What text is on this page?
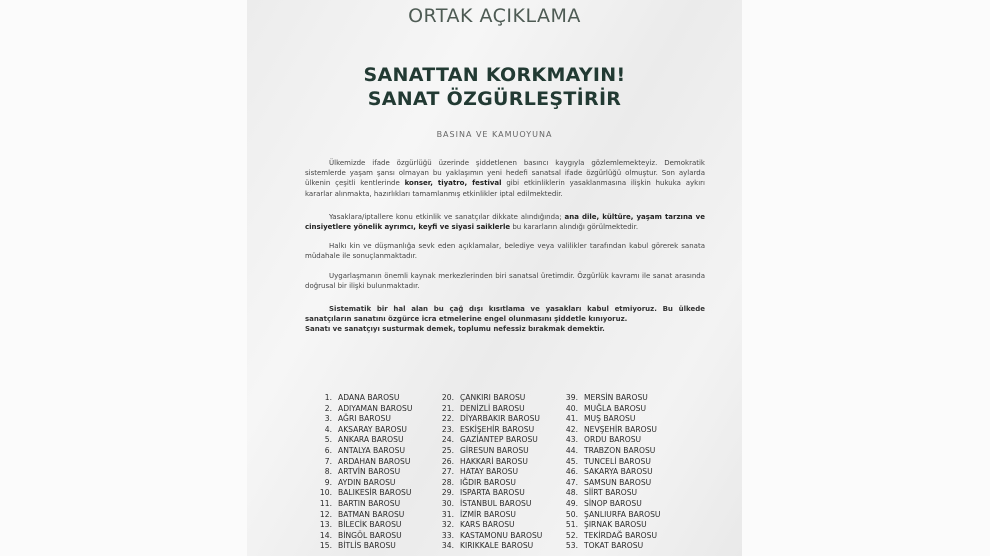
ORTAK AÇIKLAMA
SANATTAN KORKMAYIN!
SANAT ÖZGÜRLEŞTİRİR
BASINA VE KAMUOYUNA

Ülkemizde ifade özgürlüğü üzerinde şiddetlenen basıncı kaygıyla gözlemlemekteyiz. Demokratik sistemlerde yaşam şansı olmayan bu yaklaşımın yeni hedefi sanatsal ifade özgürlüğü olmuştur. Son aylarda ülkenin çeşitli kentlerinde konser, tiyatro, festival gibi etkinliklerin yasaklanmasına ilişkin hukuka aykırı kararlar alınmakta, hazırlıkları tamamlanmış etkinlikler iptal edilmektedir.

Yasaklara/iptallere konu etkinlik ve sanatçılar dikkate alındığında; ana dile, kültüre, yaşam tarzına ve cinsiyetlere yönelik ayrımcı, keyfi ve siyasi saiklerle bu kararların alındığı görülmektedir.

Halkı kin ve düşmanlığa sevk eden açıklamalar, belediye veya valilikler tarafından kabul görerek sanata müdahale ile sonuçlanmaktadır.

Uygarlaşmanın önemli kaynak merkezlerinden biri sanatsal üretimdir. Özgürlük kavramı ile sanat arasında doğrusal bir ilişki bulunmaktadır.

Sistematik bir hal alan bu çağ dışı kısıtlama ve yasakları kabul etmiyoruz. Bu ülkede sanatçıların sanatını özgürce icra etmelerine engel olunmasını şiddetle kınıyoruz.

Sanatı ve sanatçıyı susturmak demek, toplumu nefessiz bırakmak demektir.

1. ADANA BAROSU
2. ADIYAMAN BAROSU
3. AĞRI BAROSU
4. AKSARAY BAROSU
5. ANKARA BAROSU
6. ANTALYA BAROSU
7. ARDAHAN BAROSU
8. ARTVİN BAROSU
9. AYDIN BAROSU
10. BALIKESİR BAROSU
11. BARTIN BAROSU
12. BATMAN BAROSU
13. BİLECİK BAROSU
14. BİNGÖL BAROSU
15. BİTLİS BAROSU
20. ÇANKIRI BAROSU
21. DENİZLİ BAROSU
22. DİYARBAKIR BAROSU
23. ESKİŞEHİR BAROSU
24. GAZİANTEP BAROSU
25. GİRESUN BAROSU
26. HAKKARİ BAROSU
27. HATAY BAROSU
28. IĞDIR BAROSU
29. ISPARTA BAROSU
30. İSTANBUL BAROSU
31. İZMİR BAROSU
32. KARS BAROSU
33. KASTAMONU BAROSU
34. KIRIKKALE BAROSU
39. MERSİN BAROSU
40. MUĞLA BAROSU
41. MUŞ BAROSU
42. NEVŞEHİR BAROSU
43. ORDU BAROSU
44. TRABZON BAROSU
45. TUNCELİ BAROSU
46. SAKARYA BAROSU
47. SAMSUN BAROSU
48. SİİRT BAROSU
49. SİNOP BAROSU
50. ŞANLIURFA BAROSU
51. ŞIRNAK BAROSU
52. TEKİRDAĞ BAROSU
53. TOKAT BAROSU
